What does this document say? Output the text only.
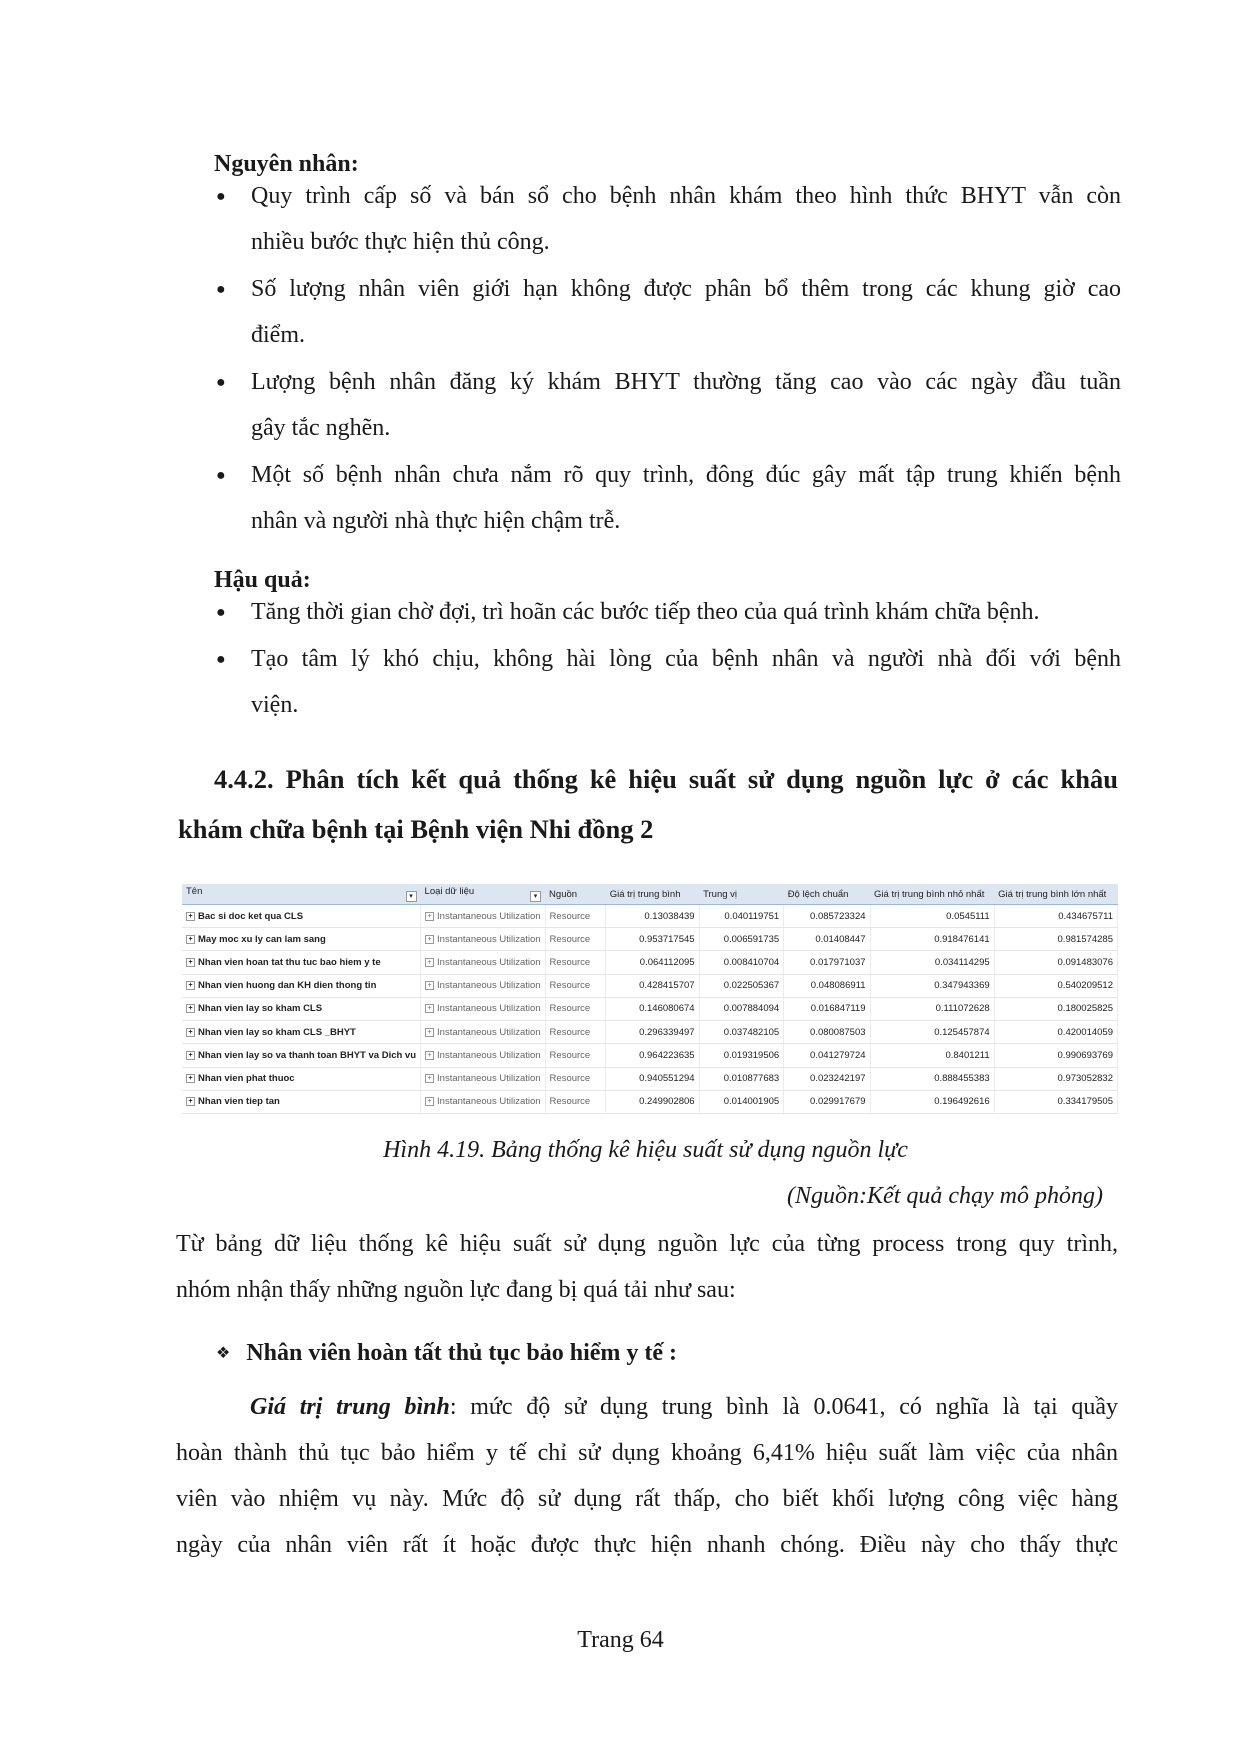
Nguyên nhân:
● Quy trình cấp số và bán sổ cho bệnh nhân khám theo hình thức BHYT vẫn còn
nhiều bước thực hiện thủ công.
● Số lượng nhân viên giới hạn không được phân bổ thêm trong các khung giờ cao
điểm.
● Lượng bệnh nhân đăng ký khám BHYT thường tăng cao vào các ngày đầu tuần
gây tắc nghẽn.
● Một số bệnh nhân chưa nắm rõ quy trình, đông đúc gây mất tập trung khiến bệnh
nhân và người nhà thực hiện chậm trễ.
Hậu quả:
● Tăng thời gian chờ đợi, trì hoãn các bước tiếp theo của quá trình khám chữa bệnh.
● Tạo tâm lý khó chịu, không hài lòng của bệnh nhân và người nhà đối với bệnh
viện.
4.4.2. Phân tích kết quả thống kê hiệu suất sử dụng nguồn lực ở các khâu
khám chữa bệnh tại Bệnh viện Nhi đồng 2
Tên ▾	Loại dữ liệu ▾	Nguồn	Giá trị trung bình	Trung vị	Độ lệch chuẩn	Giá trị trung bình nhỏ nhất	Giá trị trung bình lớn nhất
+ Bac si doc ket qua CLS	+ Instantaneous Utilization	Resource	0.13038439	0.040119751	0.085723324	0.0545111	0.434675711
+ May moc xu ly can lam sang	+ Instantaneous Utilization	Resource	0.953717545	0.006591735	0.01408447	0.918476141	0.981574285
+ Nhan vien hoan tat thu tuc bao hiem y te	+ Instantaneous Utilization	Resource	0.064112095	0.008410704	0.017971037	0.034114295	0.091483076
+ Nhan vien huong dan KH dien thong tin	+ Instantaneous Utilization	Resource	0.428415707	0.022505367	0.048086911	0.347943369	0.540209512
+ Nhan vien lay so kham CLS	+ Instantaneous Utilization	Resource	0.146080674	0.007884094	0.016847119	0.111072628	0.180025825
+ Nhan vien lay so kham CLS _BHYT	+ Instantaneous Utilization	Resource	0.296339497	0.037482105	0.080087503	0.125457874	0.420014059
+ Nhan vien lay so va thanh toan BHYT va Dich vu	+ Instantaneous Utilization	Resource	0.964223635	0.019319506	0.041279724	0.8401211	0.990693769
+ Nhan vien phat thuoc	+ Instantaneous Utilization	Resource	0.940551294	0.010877683	0.023242197	0.888455383	0.973052832
+ Nhan vien tiep tan	+ Instantaneous Utilization	Resource	0.249902806	0.014001905	0.029917679	0.196492616	0.334179505
Hình 4.19. Bảng thống kê hiệu suất sử dụng nguồn lực
(Nguồn:Kết quả chạy mô phỏng)
Từ bảng dữ liệu thống kê hiệu suất sử dụng nguồn lực của từng process trong quy trình,
nhóm nhận thấy những nguồn lực đang bị quá tải như sau:
❖ Nhân viên hoàn tất thủ tục bảo hiểm y tế :
Giá trị trung bình: mức độ sử dụng trung bình là 0.0641, có nghĩa là tại quầy
hoàn thành thủ tục bảo hiểm y tế chỉ sử dụng khoảng 6,41% hiệu suất làm việc của nhân
viên vào nhiệm vụ này. Mức độ sử dụng rất thấp, cho biết khối lượng công việc hàng
ngày của nhân viên rất ít hoặc được thực hiện nhanh chóng. Điều này cho thấy thực
Trang 64
